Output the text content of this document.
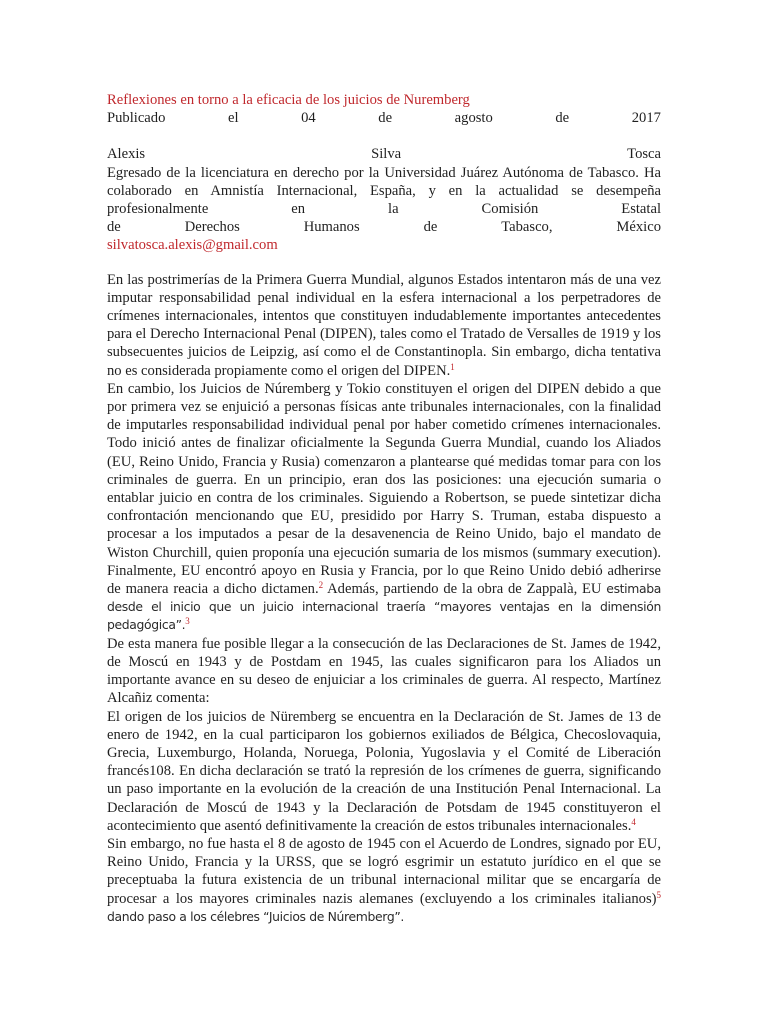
Reflexiones en torno a la eficacia de los juicios de Nuremberg

Publicado	el	04	de	agosto	de	2017
Alexis	Silva	Tosca

Egresado de la licenciatura en derecho por la Universidad Juárez Autónoma de Tabasco. Ha colaborado en Amnistía Internacional, España, y en la actualidad se desempeña profesionalmente en la Comisión Estatal

de	Derechos	Humanos	de	Tabasco,	México

silvatosca.alexis@gmail.com

En las postrimerías de la Primera Guerra Mundial, algunos Estados intentaron más de una vez imputar responsabilidad penal individual en la esfera internacional a los perpetradores de crímenes internacionales, intentos que constituyen indudablemente importantes antecedentes para el Derecho Internacional Penal (DIPEN), tales como el Tratado de Versalles de 1919 y los subsecuentes juicios de Leipzig, así como el de Constantinopla. Sin embargo, dicha tentativa no es considerada propiamente como el origen del DIPEN.$^1$

En cambio, los Juicios de Núremberg y Tokio constituyen el origen del DIPEN debido a que por primera vez se enjuició a personas físicas ante tribunales internacionales, con la finalidad de imputarles responsabilidad individual penal por haber cometido crímenes internacionales. Todo inició antes de finalizar oficialmente la Segunda Guerra Mundial, cuando los Aliados (EU, Reino Unido, Francia y Rusia) comenzaron a plantearse qué medidas tomar para con los criminales de guerra. En un principio, eran dos las posiciones: una ejecución sumaria o entablar juicio en contra de los criminales. Siguiendo a Robertson, se puede sintetizar dicha confrontación mencionando que EU, presidido por Harry S. Truman, estaba dispuesto a procesar a los imputados a pesar de la desavenencia de Reino Unido, bajo el mandato de Wiston Churchill, quien proponía una ejecución sumaria de los mismos (summary execution). Finalmente, EU encontró apoyo en Rusia y Francia, por lo que Reino Unido debió adherirse de manera reacia a dicho dictamen.$^2$ Además, partiendo de la obra de Zappalà, EU estimaba desde el inicio que un juicio internacional traería “mayores ventajas en la dimensión pedagógica”.$^3$

De esta manera fue posible llegar a la consecución de las Declaraciones de St. James de 1942, de Moscú en 1943 y de Postdam en 1945, las cuales significaron para los Aliados un importante avance en su deseo de enjuiciar a los criminales de guerra. Al respecto, Martínez Alcañiz comenta:

El origen de los juicios de Nüremberg se encuentra en la Declaración de St. James de 13 de enero de 1942, en la cual participaron los gobiernos exiliados de Bélgica, Checoslovaquia, Grecia, Luxemburgo, Holanda, Noruega, Polonia, Yugoslavia y el Comité de Liberación francés108. En dicha declaración se trató la represión de los crímenes de guerra, significando un paso importante en la evolución de la creación de una Institución Penal Internacional. La Declaración de Moscú de 1943 y la Declaración de Potsdam de 1945 constituyeron el acontecimiento que asentó definitivamente la creación de estos tribunales internacionales.$^4$

Sin embargo, no fue hasta el 8 de agosto de 1945 con el Acuerdo de Londres, signado por EU, Reino Unido, Francia y la URSS, que se logró esgrimir un estatuto jurídico en el que se preceptuaba la futura existencia de un tribunal internacional militar que se encargaría de procesar a los mayores criminales nazis alemanes (excluyendo a los criminales italianos)$^5$ dando paso a los célebres “Juicios de Núremberg”.
